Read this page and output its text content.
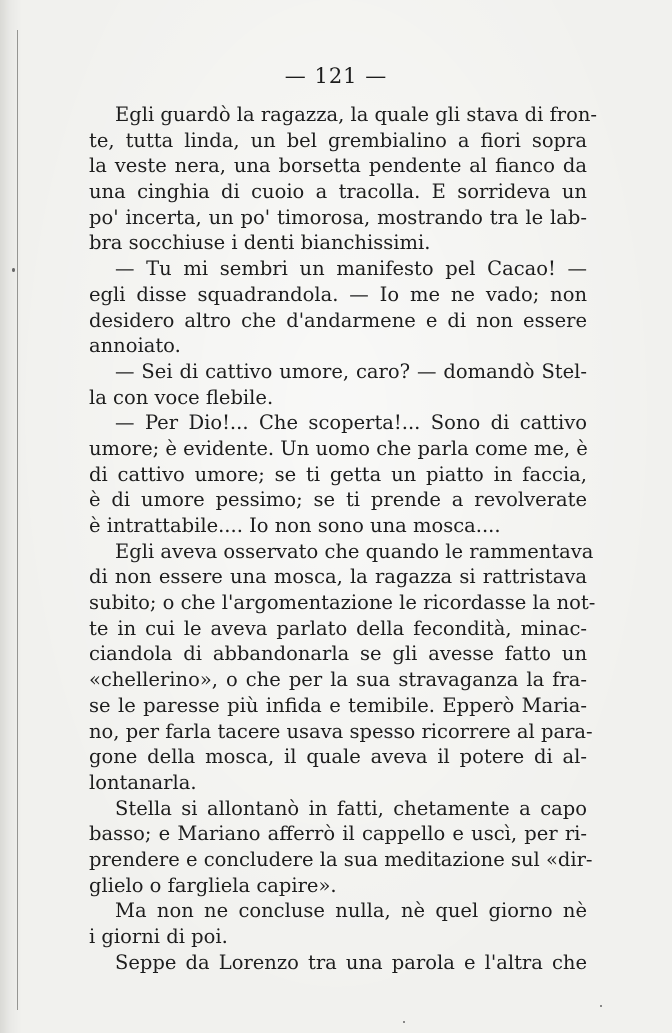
— 121 —
Egli guardò la ragazza, la quale gli stava di fron-
te, tutta linda, un bel grembialino a fiori sopra
la veste nera, una borsetta pendente al fianco da
una cinghia di cuoio a tracolla. E sorrideva un
po' incerta, un po' timorosa, mostrando tra le lab-
bra socchiuse i denti bianchissimi.
— Tu mi sembri un manifesto pel Cacao! —
egli disse squadrandola. — Io me ne vado; non
desidero altro che d'andarmene e di non essere
annoiato.
— Sei di cattivo umore, caro? — domandò Stel-
la con voce flebile.
— Per Dio!... Che scoperta!... Sono di cattivo
umore; è evidente. Un uomo che parla come me, è
di cattivo umore; se ti getta un piatto in faccia,
è di umore pessimo; se ti prende a revolverate
è intrattabile.... Io non sono una mosca....
Egli aveva osservato che quando le rammentava
di non essere una mosca, la ragazza si rattristava
subito; o che l'argomentazione le ricordasse la not-
te in cui le aveva parlato della fecondità, minac-
ciandola di abbandonarla se gli avesse fatto un
«chellerino», o che per la sua stravaganza la fra-
se le paresse più infida e temibile. Epperò Maria-
no, per farla tacere usava spesso ricorrere al para-
gone della mosca, il quale aveva il potere di al-
lontanarla.
Stella si allontanò in fatti, chetamente a capo
basso; e Mariano afferrò il cappello e uscì, per ri-
prendere e concludere la sua meditazione sul «dir-
glielo o fargliela capire».
Ma non ne concluse nulla, nè quel giorno nè
i giorni di poi.
Seppe da Lorenzo tra una parola e l'altra che
